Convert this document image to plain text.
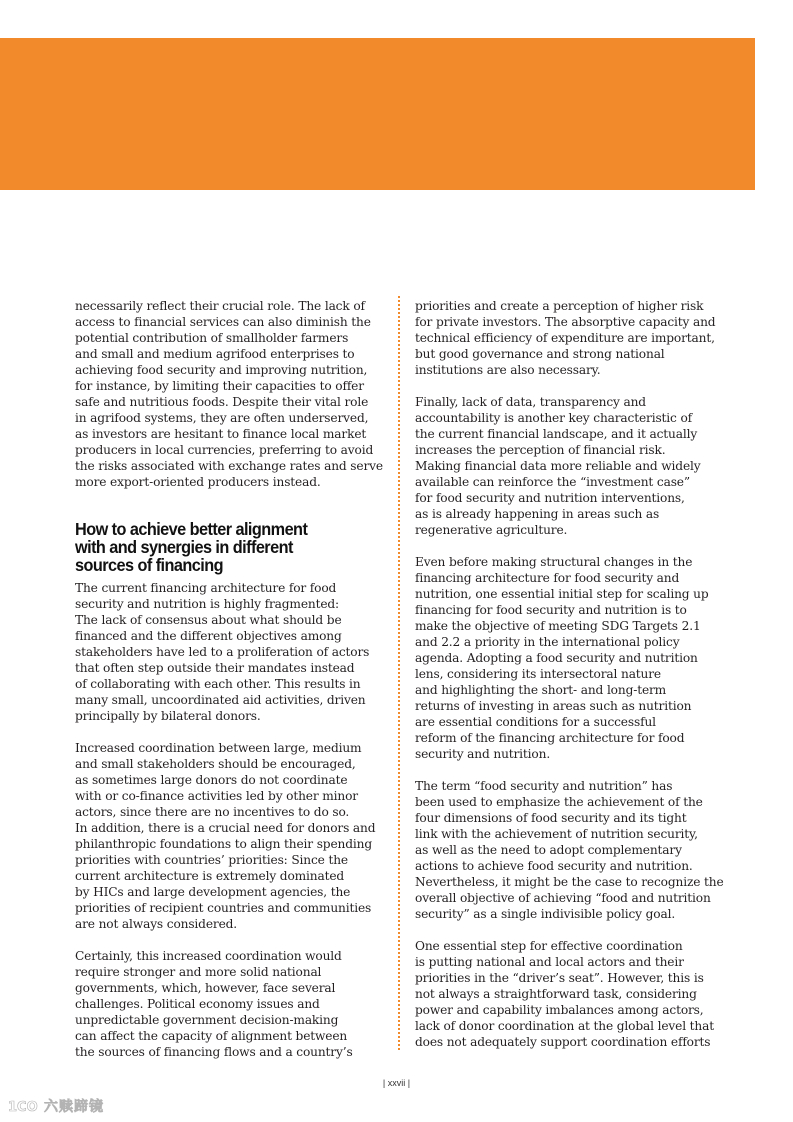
necessarily reflect their crucial role. The lack of
access to financial services can also diminish the
potential contribution of smallholder farmers
and small and medium agrifood enterprises to
achieving food security and improving nutrition,
for instance, by limiting their capacities to offer
safe and nutritious foods. Despite their vital role
in agrifood systems, they are often underserved,
as investors are hesitant to finance local market
producers in local currencies, preferring to avoid
the risks associated with exchange rates and serve
more export-oriented producers instead.

How to achieve better alignment
with and synergies in different
sources of financing

The current financing architecture for food
security and nutrition is highly fragmented:
The lack of consensus about what should be
financed and the different objectives among
stakeholders have led to a proliferation of actors
that often step outside their mandates instead
of collaborating with each other. This results in
many small, uncoordinated aid activities, driven
principally by bilateral donors.

Increased coordination between large, medium
and small stakeholders should be encouraged,
as sometimes large donors do not coordinate
with or co-finance activities led by other minor
actors, since there are no incentives to do so.
In addition, there is a crucial need for donors and
philanthropic foundations to align their spending
priorities with countries’ priorities: Since the
current architecture is extremely dominated
by HICs and large development agencies, the
priorities of recipient countries and communities
are not always considered.

Certainly, this increased coordination would
require stronger and more solid national
governments, which, however, face several
challenges. Political economy issues and
unpredictable government decision-making
can affect the capacity of alignment between
the sources of financing flows and a country’s

priorities and create a perception of higher risk
for private investors. The absorptive capacity and
technical efficiency of expenditure are important,
but good governance and strong national
institutions are also necessary.

Finally, lack of data, transparency and
accountability is another key characteristic of
the current financial landscape, and it actually
increases the perception of financial risk.
Making financial data more reliable and widely
available can reinforce the “investment case”
for food security and nutrition interventions,
as is already happening in areas such as
regenerative agriculture.

Even before making structural changes in the
financing architecture for food security and
nutrition, one essential initial step for scaling up
financing for food security and nutrition is to
make the objective of meeting SDG Targets 2.1
and 2.2 a priority in the international policy
agenda. Adopting a food security and nutrition
lens, considering its intersectoral nature
and highlighting the short- and long-term
returns of investing in areas such as nutrition
are essential conditions for a successful
reform of the financing architecture for food
security and nutrition.

The term “food security and nutrition” has
been used to emphasize the achievement of the
four dimensions of food security and its tight
link with the achievement of nutrition security,
as well as the need to adopt complementary
actions to achieve food security and nutrition.
Nevertheless, it might be the case to recognize the
overall objective of achieving “food and nutrition
security” as a single indivisible policy goal.

One essential step for effective coordination
is putting national and local actors and their
priorities in the “driver’s seat”. However, this is
not always a straightforward task, considering
power and capability imbalances among actors,
lack of donor coordination at the global level that
does not adequately support coordination efforts

| xxvii |
1CO 六赎蹄镜
